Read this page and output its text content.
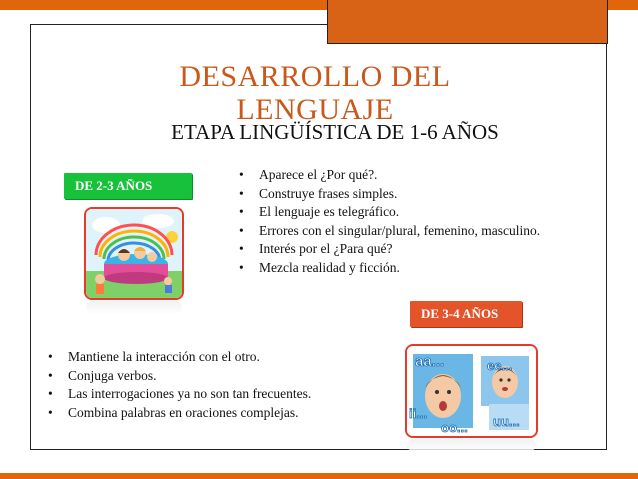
DESARROLLO DEL LENGUAJE
ETAPA LINGÜÍSTICA DE 1-6 AÑOS
DE 2-3 AÑOS
• Aparece el ¿Por qué?.
• Construye frases simples.
• El lenguaje es telegráfico.
• Errores con el singular/plural, femenino, masculino.
• Interés por el ¿Para qué?
• Mezcla realidad y ficción.
DE 3-4 AÑOS
• Mantiene la interacción con el otro.
• Conjuga verbos.
• Las interrogaciones ya no son tan frecuentes.
• Combina palabras en oraciones complejas.
aa...	ee...
ii...
oo... uu...
